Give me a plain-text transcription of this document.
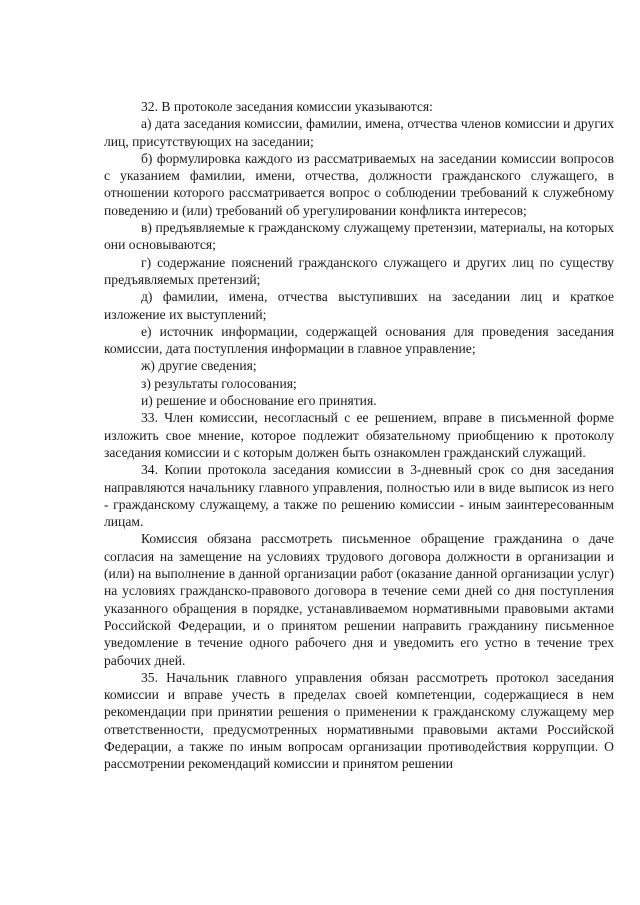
32. В протоколе заседания комиссии указываются:

а) дата заседания комиссии, фамилии, имена, отчества членов комиссии и других лиц, присутствующих на заседании;

б) формулировка каждого из рассматриваемых на заседании комиссии вопросов с указанием фамилии, имени, отчества, должности гражданского служащего, в отношении которого рассматривается вопрос о соблюдении требований к служебному поведению и (или) требований об урегулировании конфликта интересов;

в) предъявляемые к гражданскому служащему претензии, материалы, на которых они основываются;

г) содержание пояснений гражданского служащего и других лиц по существу предъявляемых претензий;

д) фамилии, имена, отчества выступивших на заседании лиц и краткое изложение их выступлений;

е) источник информации, содержащей основания для проведения заседания комиссии, дата поступления информации в главное управление;

ж) другие сведения;

з) результаты голосования;

и) решение и обоснование его принятия.

33. Член комиссии, несогласный с ее решением, вправе в письменной форме изложить свое мнение, которое подлежит обязательному приобщению к протоколу заседания комиссии и с которым должен быть ознакомлен гражданский служащий.

34. Копии протокола заседания комиссии в 3-дневный срок со дня заседания направляются начальнику главного управления, полностью или в виде выписок из него - гражданскому служащему, а также по решению комиссии - иным заинтересованным лицам.

Комиссия обязана рассмотреть письменное обращение гражданина о даче согласия на замещение на условиях трудового договора должности в организации и (или) на выполнение в данной организации работ (оказание данной организации услуг) на условиях гражданско-правового договора в течение семи дней со дня поступления указанного обращения в порядке, устанавливаемом нормативными правовыми актами Российской Федерации, и о принятом решении направить гражданину письменное уведомление в течение одного рабочего дня и уведомить его устно в течение трех рабочих дней.

35. Начальник главного управления обязан рассмотреть протокол заседания комиссии и вправе учесть в пределах своей компетенции, содержащиеся в нем рекомендации при принятии решения о применении к гражданскому служащему мер ответственности, предусмотренных нормативными правовыми актами Российской Федерации, а также по иным вопросам организации противодействия коррупции. О рассмотрении рекомендаций комиссии и принятом решении
